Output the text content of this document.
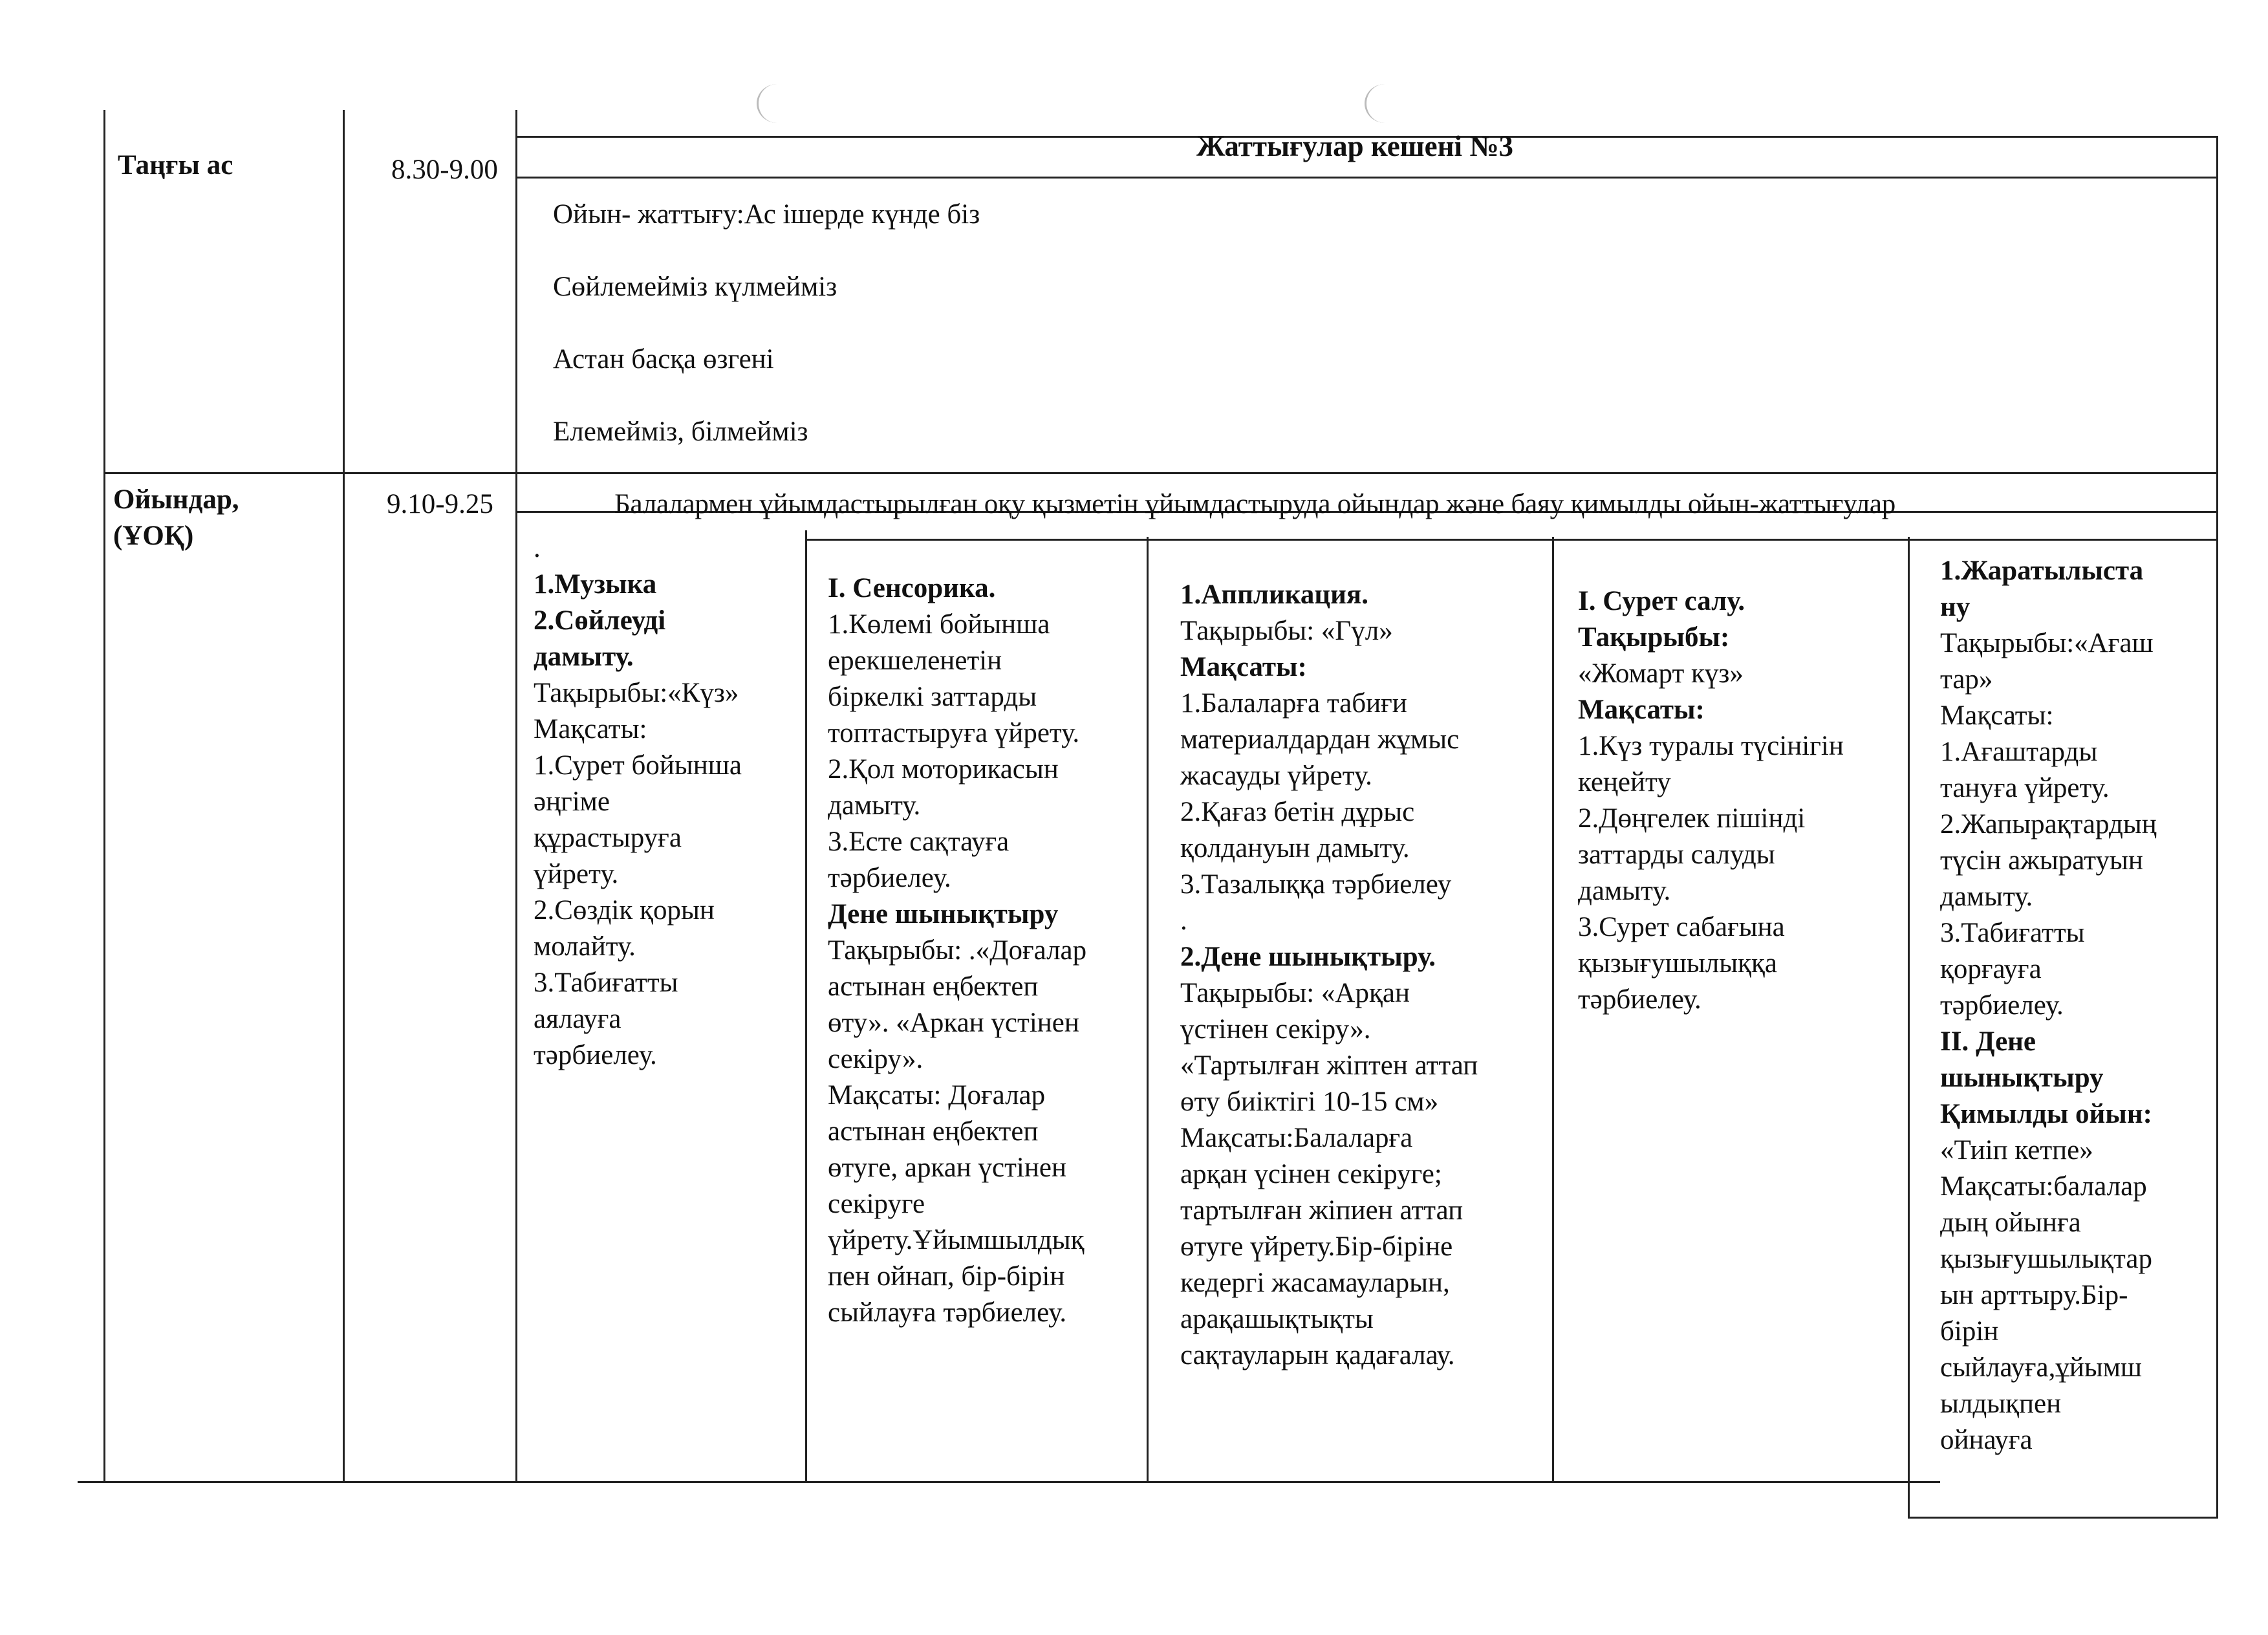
Жаттығулар кешені №3
Таңғы ас	8.30-9.00

Ойын- жаттығу:Ас ішерде күнде біз

Сөйлемейміз күлмейміз

Астан басқа өзгені

Елемейміз, білмейміз

Ойындар,
(ҰОҚ)
9.10-9.25	Балалармен ұйымдастырылған оқу қызметін ұйымдастыруда ойындар және баяу қимылды ойын-жаттығулар
.
1.Музыка
2.Сөйлеуді
дамыту.
Тақырыбы:«Күз»
Мақсаты:
1.Сурет бойынша
әңгіме
құрастыруға
үйрету.
2.Сөздік қорын
молайту.
3.Табиғатты
аялауға
тәрбиелеу.
І. Сенсорика.
1.Көлемі бойынша
ерекшеленетін
біркелкі заттарды
топтастыруға үйрету.
2.Қол моторикасын
дамыту.
3.Есте сақтауға
тәрбиелеу.
Дене шынықтыру
Тақырыбы: .«Доғалар
астынан еңбектеп
өту». «Аркан үстінен
секіру».
Мақсаты: Доғалар
астынан еңбектеп
өтуге, аркан үстінен
секіруге
үйрету.Ұйымшылдық
пен ойнап, бір-бірін
сыйлауға тәрбиелеу.
1.Аппликация.
Тақырыбы: «Гүл»
Мақсаты:
1.Балаларға табиғи
материалдардан жұмыс
жасауды үйрету.
2.Қағаз бетін дұрыс
қолдануын дамыту.
3.Тазалыққа тәрбиелеу
.
2.Дене шынықтыру.
Тақырыбы: «Арқан
үстінен секіру».
«Тартылған жіптен аттап
өту биіктігі 10-15 см»
Мақсаты:Балаларға
арқан үсінен секіруге;
тартылған жіпиен аттап
өтуге үйрету.Бір-біріне
кедергі жасамауларын,
арақашықтықты
сақтауларын қадағалау.
І. Сурет салу.
Тақырыбы:
«Жомарт күз»
Мақсаты:
1.Күз туралы түсінігін
кеңейту
2.Дөңгелек пішінді
заттарды салуды
дамыту.
3.Сурет сабағына
қызығушылыққа
тәрбиелеу.
1.Жаратылыста
ну
Тақырыбы:«Ағаш
тар»
Мақсаты:
1.Ағаштарды
тануға үйрету.
2.Жапырақтардың
түсін ажыратуын
дамыту.
3.Табиғатты
қорғауға
тәрбиелеу.
ІІ. Дене
шынықтыру
Қимылды ойын:
«Тиіп кетпе»
Мақсаты:балалар
дың ойынға
қызығушылықтар
ын арттыру.Бір-
бірін
сыйлауға,ұйымш
ылдықпен
ойнауға
